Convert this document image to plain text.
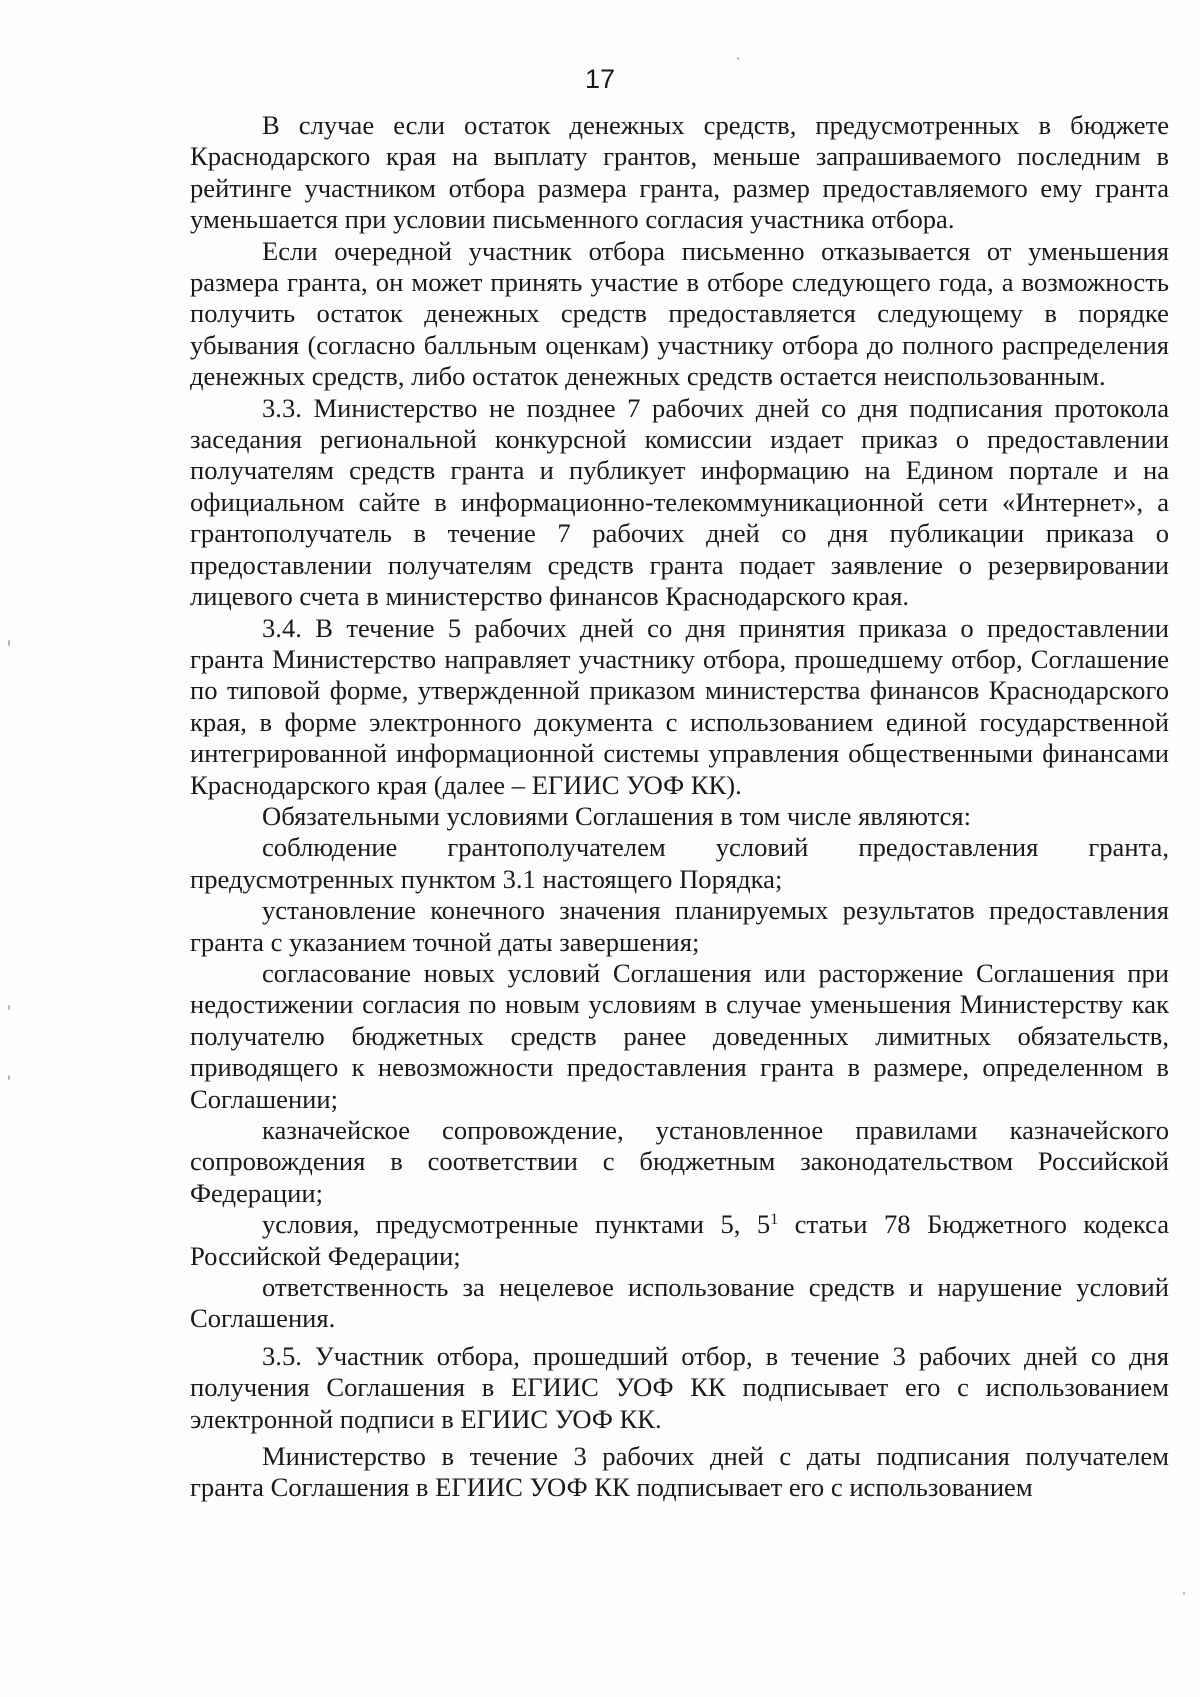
17

В случае если остаток денежных средств, предусмотренных в бюджете Краснодарского края на выплату грантов, меньше запрашиваемого последним в рейтинге участником отбора размера гранта, размер предоставляемого ему гранта уменьшается при условии письменного согласия участника отбора.

Если очередной участник отбора письменно отказывается от уменьшения размера гранта, он может принять участие в отборе следующего года, а возможность получить остаток денежных средств предоставляется следующему в порядке убывания (согласно балльным оценкам) участнику отбора до полного распределения денежных средств, либо остаток денежных средств остается неиспользованным.

3.3. Министерство не позднее 7 рабочих дней со дня подписания протокола заседания региональной конкурсной комиссии издает приказ о предоставлении получателям средств гранта и публикует информацию на Едином портале и на официальном сайте в информационно-телекоммуникационной сети «Интернет», а грантополучатель в течение 7 рабочих дней со дня публикации приказа о предоставлении получателям средств гранта подает заявление о резервировании лицевого счета в министерство финансов Краснодарского края.

3.4. В течение 5 рабочих дней со дня принятия приказа о предоставлении гранта Министерство направляет участнику отбора, прошедшему отбор, Соглашение по типовой форме, утвержденной приказом министерства финансов Краснодарского края, в форме электронного документа с использованием единой государственной интегрированной информационной системы управления общественными финансами Краснодарского края (далее – ЕГИИС УОФ КК).

Обязательными условиями Соглашения в том числе являются:

соблюдение грантополучателем условий предоставления гранта, предусмотренных пунктом 3.1 настоящего Порядка;

установление конечного значения планируемых результатов предоставления гранта с указанием точной даты завершения;

согласование новых условий Соглашения или расторжение Соглашения при недостижении согласия по новым условиям в случае уменьшения Министерству как получателю бюджетных средств ранее доведенных лимитных обязательств, приводящего к невозможности предоставления гранта в размере, определенном в Соглашении;

казначейское сопровождение, установленное правилами казначейского сопровождения в соответствии с бюджетным законодательством Российской Федерации;

условия, предусмотренные пунктами 5, $5^1$ статьи 78 Бюджетного кодекса Российской Федерации;

ответственность за нецелевое использование средств и нарушение условий Соглашения.

3.5. Участник отбора, прошедший отбор, в течение 3 рабочих дней со дня получения Соглашения в ЕГИИС УОФ КК подписывает его с использованием электронной подписи в ЕГИИС УОФ КК.

Министерство в течение 3 рабочих дней с даты подписания получателем гранта Соглашения в ЕГИИС УОФ КК подписывает его с использованием
